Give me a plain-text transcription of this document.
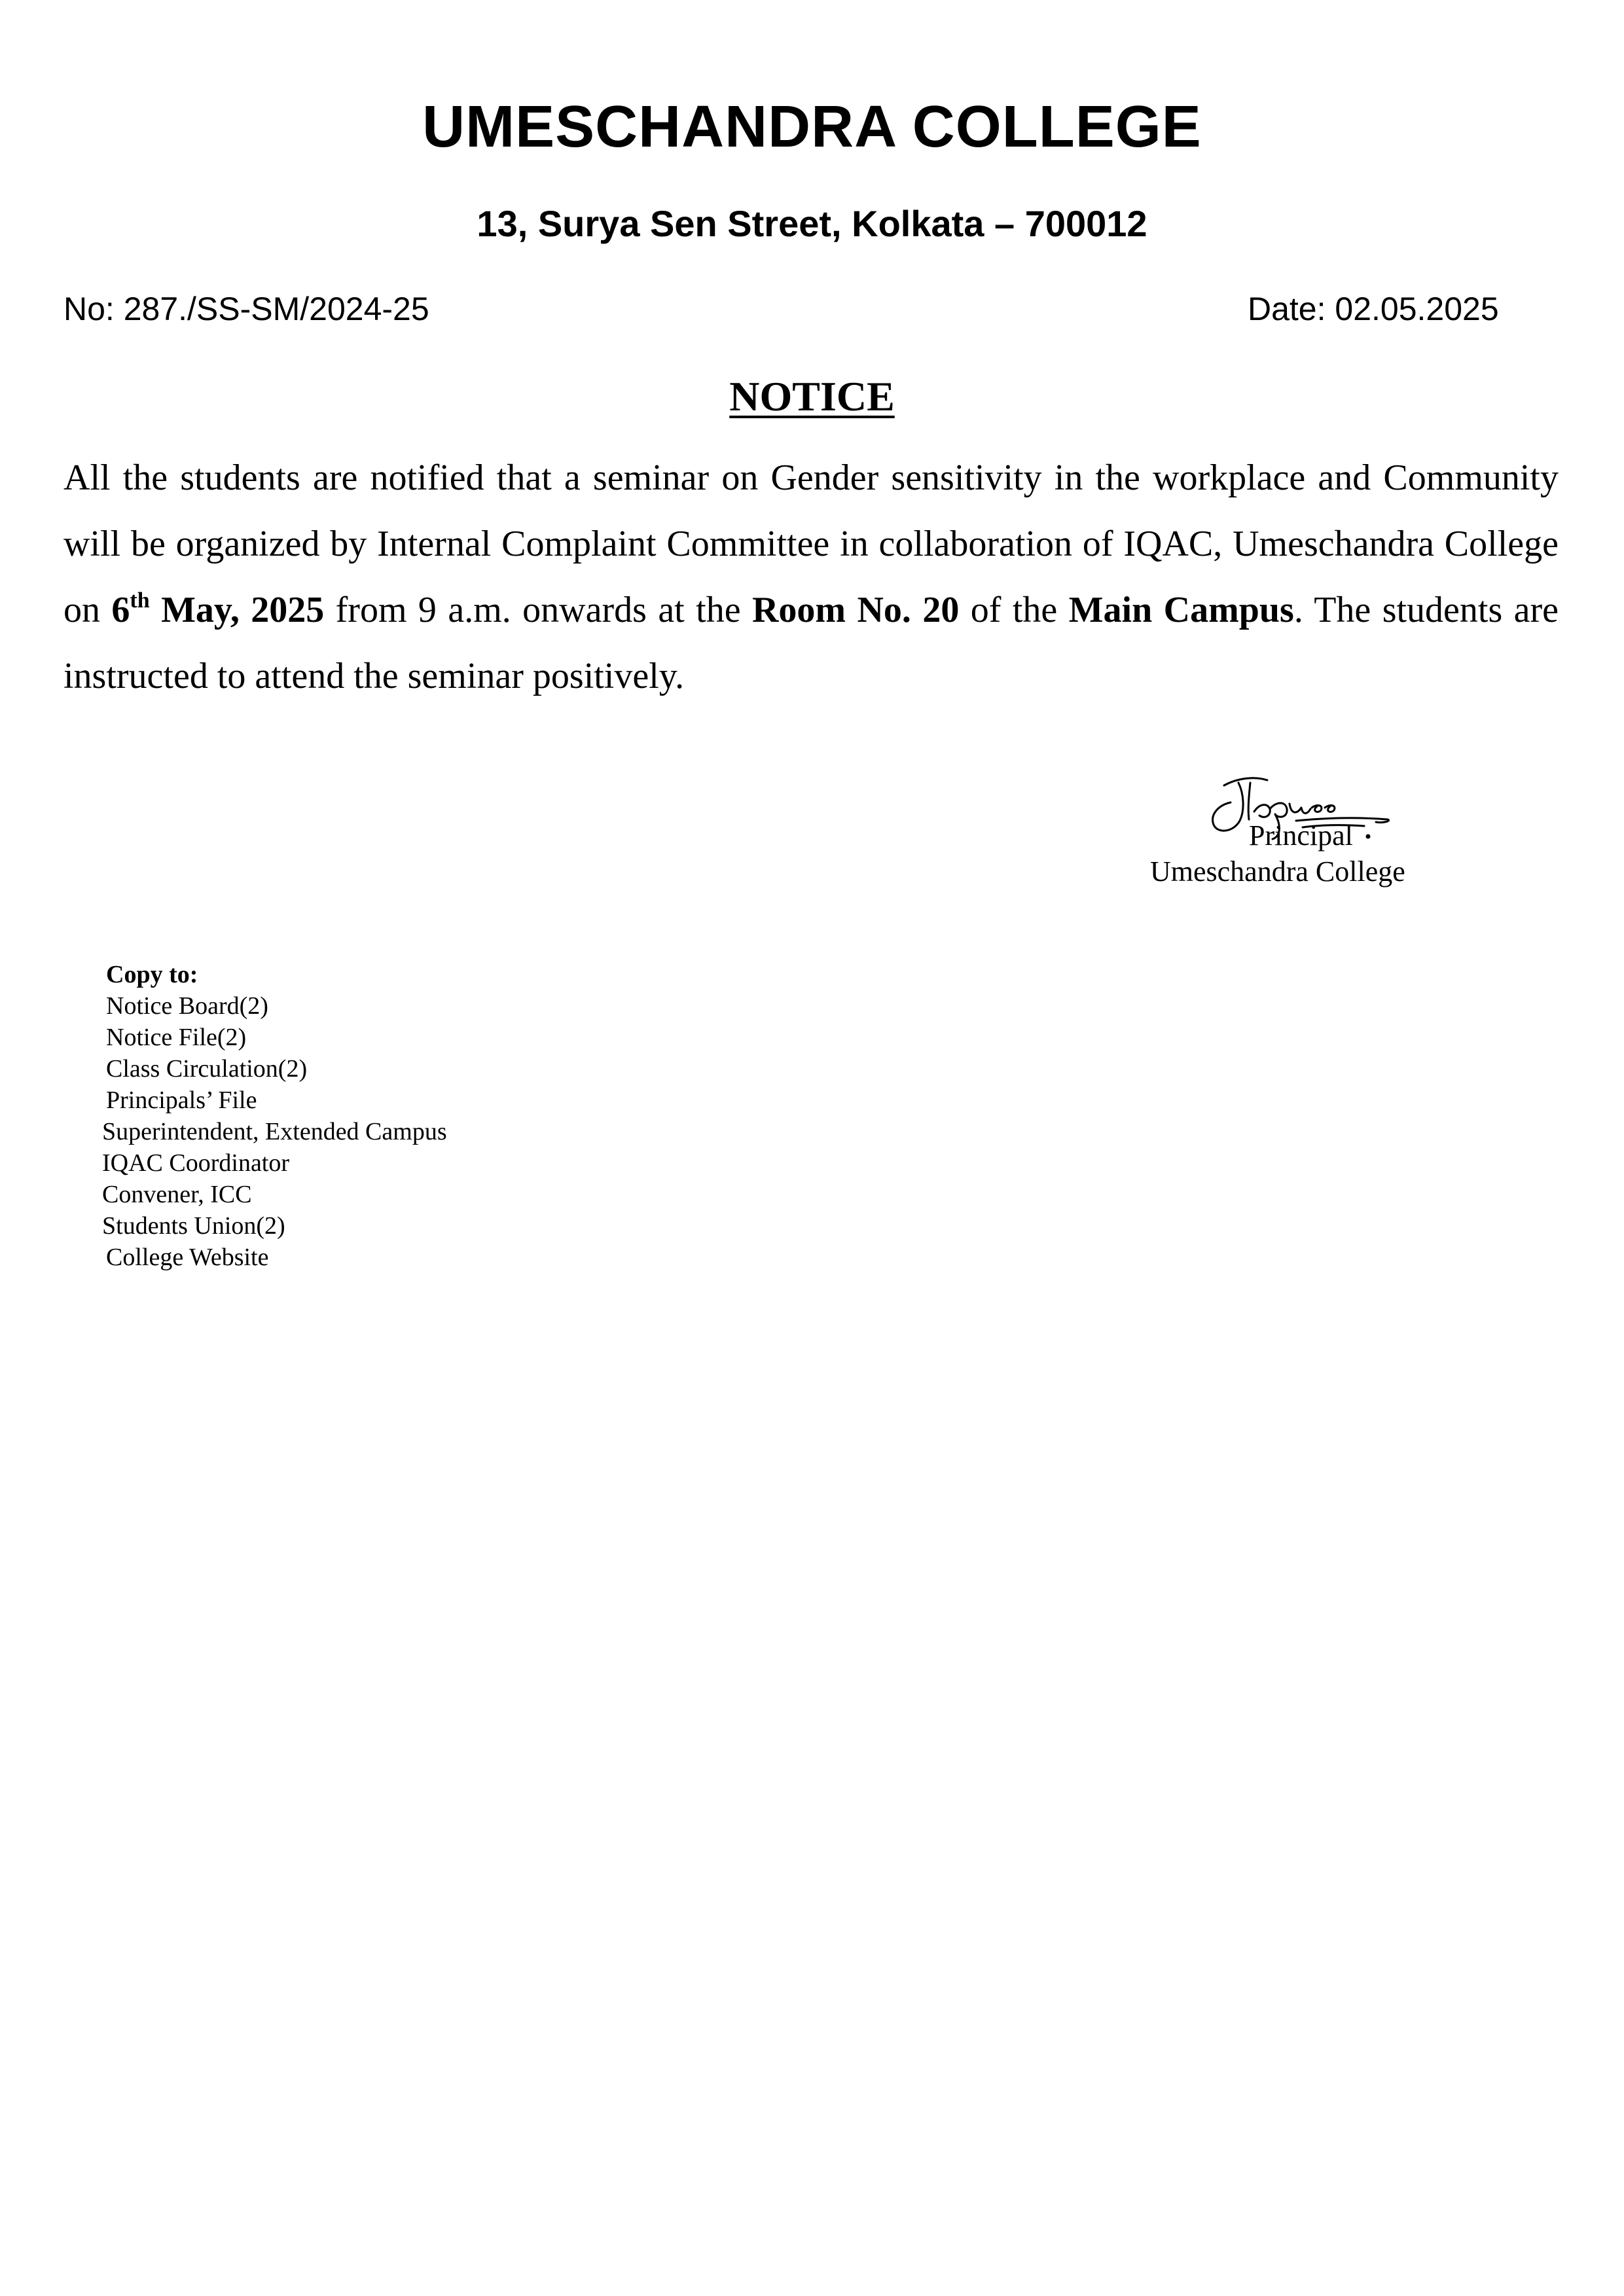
UMESCHANDRA COLLEGE
13, Surya Sen Street, Kolkata – 700012
No: 287./SS-SM/2024-25	Date: 02.05.2025
NOTICE

All the students are notified that a seminar on Gender sensitivity in the workplace and Community will be organized by Internal Complaint Committee in collaboration of IQAC, Umeschandra College on 6th May, 2025 from 9 a.m. onwards at the Room No. 20 of the Main Campus. The students are instructed to attend the seminar positively.

Principal
Umeschandra College
Copy to:
Notice Board(2)
Notice File(2)
Class Circulation(2)
Principals’ File
Superintendent, Extended Campus
IQAC Coordinator
Convener, ICC
Students Union(2)
College Website
